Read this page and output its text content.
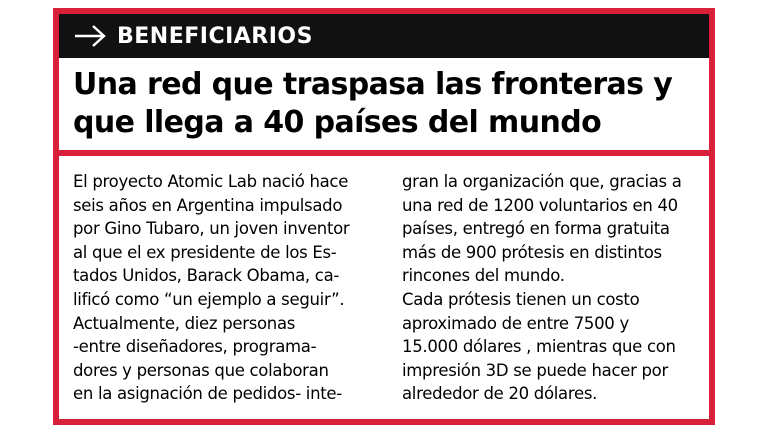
BENEFICIARIOS
Una red que traspasa las fronteras y
que llega a 40 países del mundo
El proyecto Atomic Lab nació hace
seis años en Argentina impulsado
por Gino Tubaro, un joven inventor
al que el ex presidente de los Es-
tados Unidos, Barack Obama, ca-
lificó como “un ejemplo a seguir”.
Actualmente, diez personas
-entre diseñadores, programa-
dores y personas que colaboran
en la asignación de pedidos- inte-
gran la organización que, gracias a
una red de 1200 voluntarios en 40
países, entregó en forma gratuita
más de 900 prótesis en distintos
rincones del mundo.
Cada prótesis tienen un costo
aproximado de entre 7500 y
15.000 dólares , mientras que con
impresión 3D se puede hacer por
alrededor de 20 dólares.
